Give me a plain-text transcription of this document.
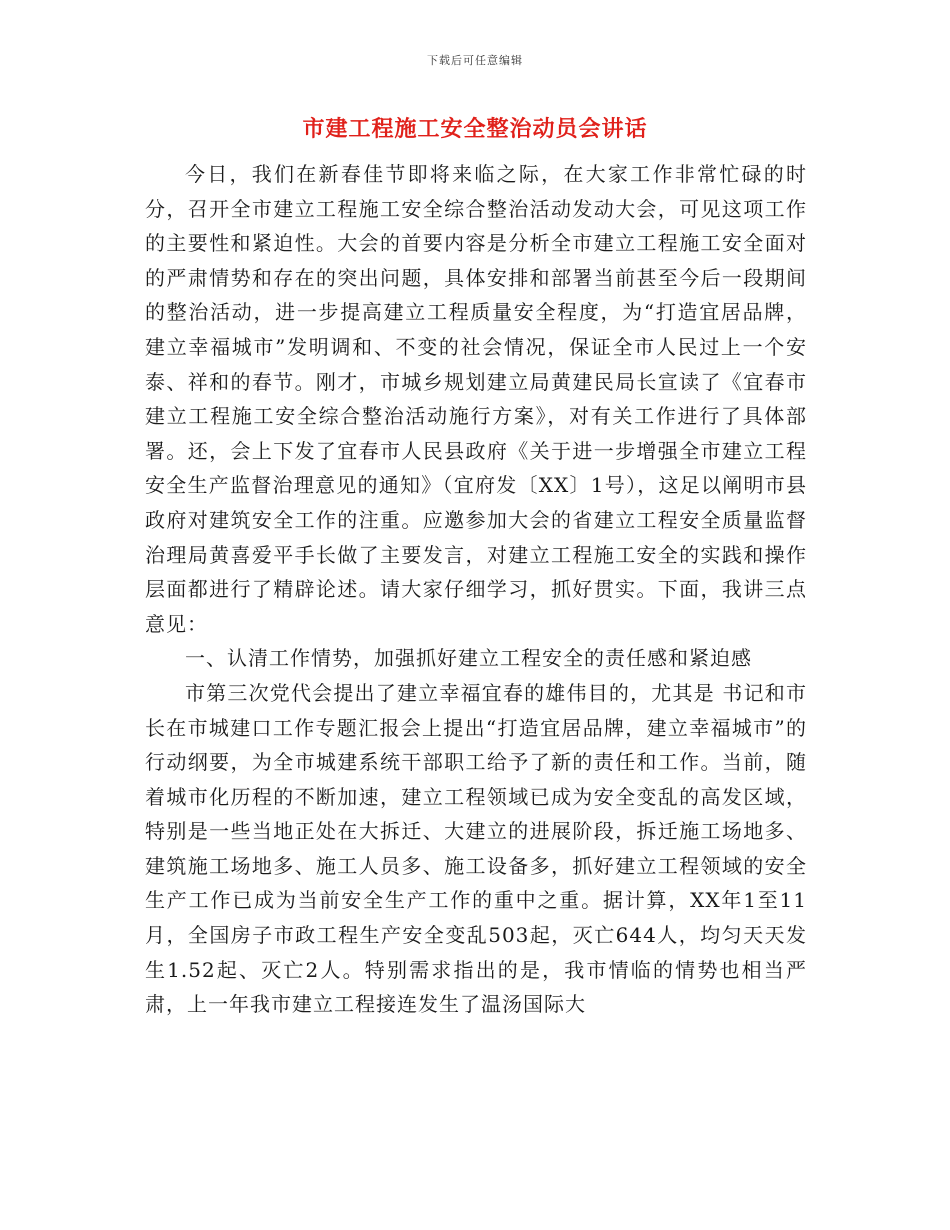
下载后可任意编辑
市建工程施工安全整治动员会讲话

今日，我们在新春佳节即将来临之际，在大家工作非常忙碌的时分，召开全市建立工程施工安全综合整治活动发动大会，可见这项工作的主要性和紧迫性。大会的首要内容是分析全市建立工程施工安全面对的严肃情势和存在的突出问题，具体安排和部署当前甚至今后一段期间的整治活动，进一步提高建立工程质量安全程度，为“打造宜居品牌，建立幸福城市”发明调和、不变的社会情况，保证全市人民过上一个安泰、祥和的春节。刚才，市城乡规划建立局黄建民局长宣读了《宜春市建立工程施工安全综合整治活动施行方案》，对有关工作进行了具体部署。还，会上下发了宜春市人民县政府《关于进一步增强全市建立工程安全生产监督治理意见的通知》（宜府发〔XX〕1号），这足以阐明市县政府对建筑安全工作的注重。应邀参加大会的省建立工程安全质量监督治理局黄喜爱平手长做了主要发言，对建立工程施工安全的实践和操作层面都进行了精辟论述。请大家仔细学习，抓好贯实。下面，我讲三点意见：

一、认清工作情势，加强抓好建立工程安全的责任感和紧迫感

市第三次党代会提出了建立幸福宜春的雄伟目的，尤其是 书记和市长在市城建口工作专题汇报会上提出“打造宜居品牌，建立幸福城市”的行动纲要，为全市城建系统干部职工给予了新的责任和工作。当前，随着城市化历程的不断加速，建立工程领域已成为安全变乱的高发区域，特别是一些当地正处在大拆迁、大建立的进展阶段，拆迁施工场地多、建筑施工场地多、施工人员多、施工设备多，抓好建立工程领域的安全生产工作已成为当前安全生产工作的重中之重。据计算，XX年1至11月，全国房子市政工程生产安全变乱503起，灭亡644人，均匀天天发生1.52起、灭亡2人。特别需求指出的是，我市情临的情势也相当严肃，上一年我市建立工程接连发生了温汤国际大
